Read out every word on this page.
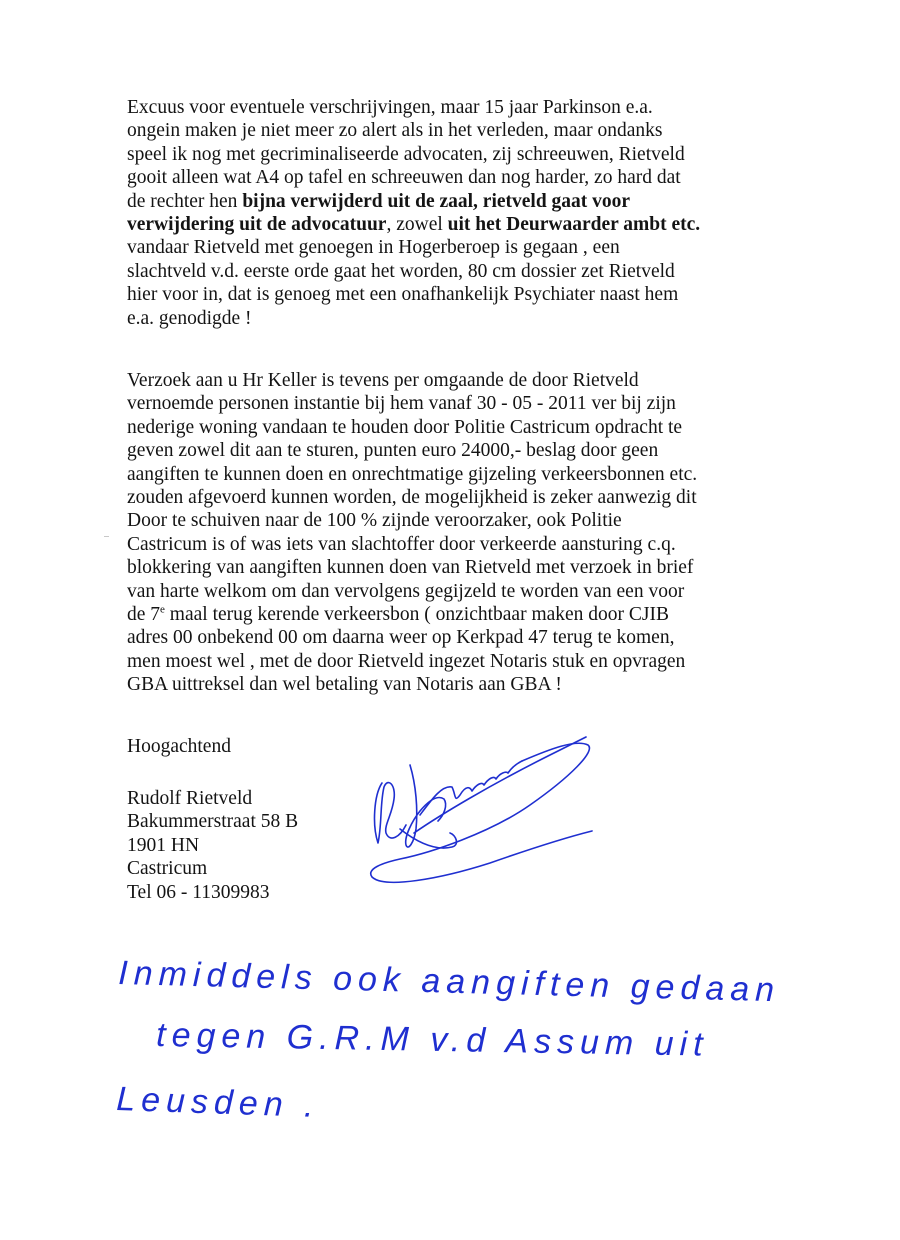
Excuus voor eventuele verschrijvingen, maar 15 jaar Parkinson e.a.
ongein maken je niet meer zo alert als in het verleden, maar ondanks
speel ik nog met gecriminaliseerde advocaten, zij schreeuwen, Rietveld
gooit alleen wat A4 op tafel en schreeuwen dan nog harder, zo hard dat
de rechter hen bijna verwijderd uit de zaal, rietveld gaat voor
verwijdering uit de advocatuur, zowel uit het Deurwaarder ambt etc.
vandaar Rietveld met genoegen in Hogerberoep is gegaan , een
slachtveld v.d. eerste orde gaat het worden, 80 cm dossier zet Rietveld
hier voor in, dat is genoeg met een onafhankelijk Psychiater naast hem
e.a. genodigde !

Verzoek aan u Hr Keller is tevens per omgaande de door Rietveld
vernoemde personen instantie bij hem vanaf 30 - 05 - 2011 ver bij zijn
nederige woning vandaan te houden door Politie Castricum opdracht te
geven zowel dit aan te sturen, punten euro 24000,- beslag door geen
aangiften te kunnen doen en onrechtmatige gijzeling verkeersbonnen etc.
zouden afgevoerd kunnen worden, de mogelijkheid is zeker aanwezig dit
Door te schuiven naar de 100 % zijnde veroorzaker, ook Politie
Castricum is of was iets van slachtoffer door verkeerde aansturing c.q.
blokkering van aangiften kunnen doen van Rietveld met verzoek in brief
van harte welkom om dan vervolgens gegijzeld te worden van een voor
de 7e maal terug kerende verkeersbon ( onzichtbaar maken door CJIB
adres 00 onbekend 00 om daarna weer op Kerkpad 47 terug te komen,
men moest wel , met de door Rietveld ingezet Notaris stuk en opvragen
GBA uittreksel dan wel betaling van Notaris aan GBA !

Hoogachtend
Rudolf Rietveld
Bakummerstraat 58 B
1901 HN
Castricum
Tel 06 - 11309983
Inmiddels ook aangiften gedaan
tegen G.R.M v.d Assum uit
Leusden .
